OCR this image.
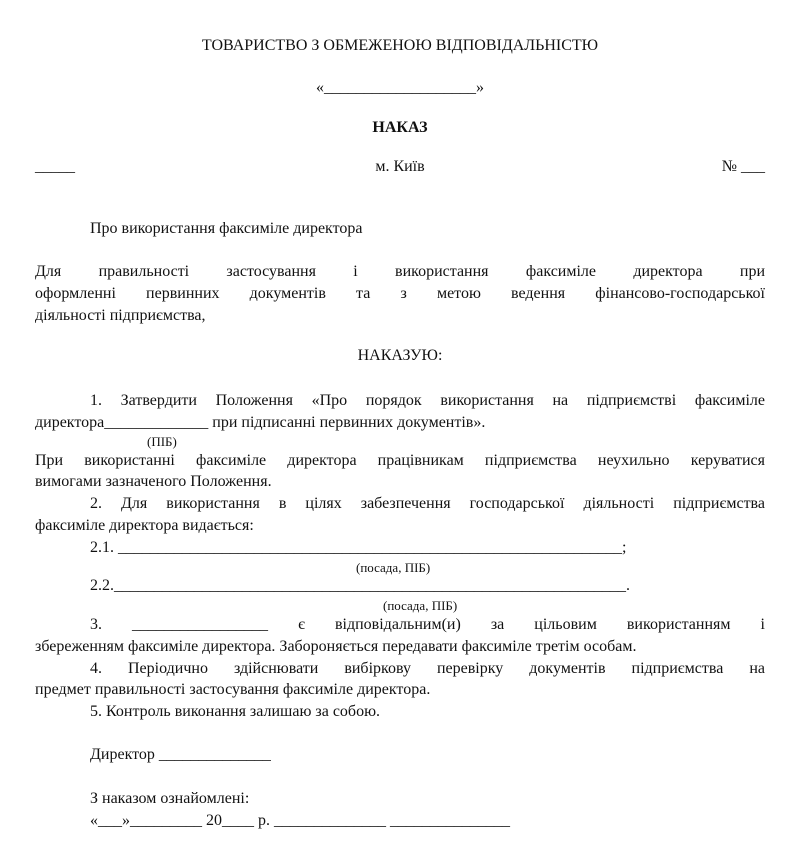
ТОВАРИСТВО З ОБМЕЖЕНОЮ ВІДПОВІДАЛЬНІСТЮ
«___________________»
НАКАЗ
_____	м. Київ	№ ___
Про використання факсиміле директора
Для правильності застосування і використання факсиміле директора при
оформленні первинних документів та з метою ведення фінансово-господарської
діяльності підприємства,
НАКАЗУЮ:
1. Затвердити Положення «Про порядок використання на підприємстві факсиміле
директора_____________ при підписанні первинних документів».
(ПІБ)
При використанні факсиміле директора працівникам підприємства неухильно керуватися
вимогами зазначеного Положення.
2. Для використання в цілях забезпечення господарської діяльності підприємства
факсиміле директора видається:
2.1. _______________________________________________________________;
(посада, ПІБ)
2.2.________________________________________________________________.
(посада, ПІБ)
3. _________________ є відповідальним(и) за цільовим використанням і
збереженням факсиміле директора. Забороняється передавати факсиміле третім особам.
4. Періодично здійснювати вибіркову перевірку документів підприємства на
предмет правильності застосування факсиміле директора.
5. Контроль виконання залишаю за собою.
Директор ______________
З наказом ознайомлені:
«___»_________ 20____ р. ______________ _______________
